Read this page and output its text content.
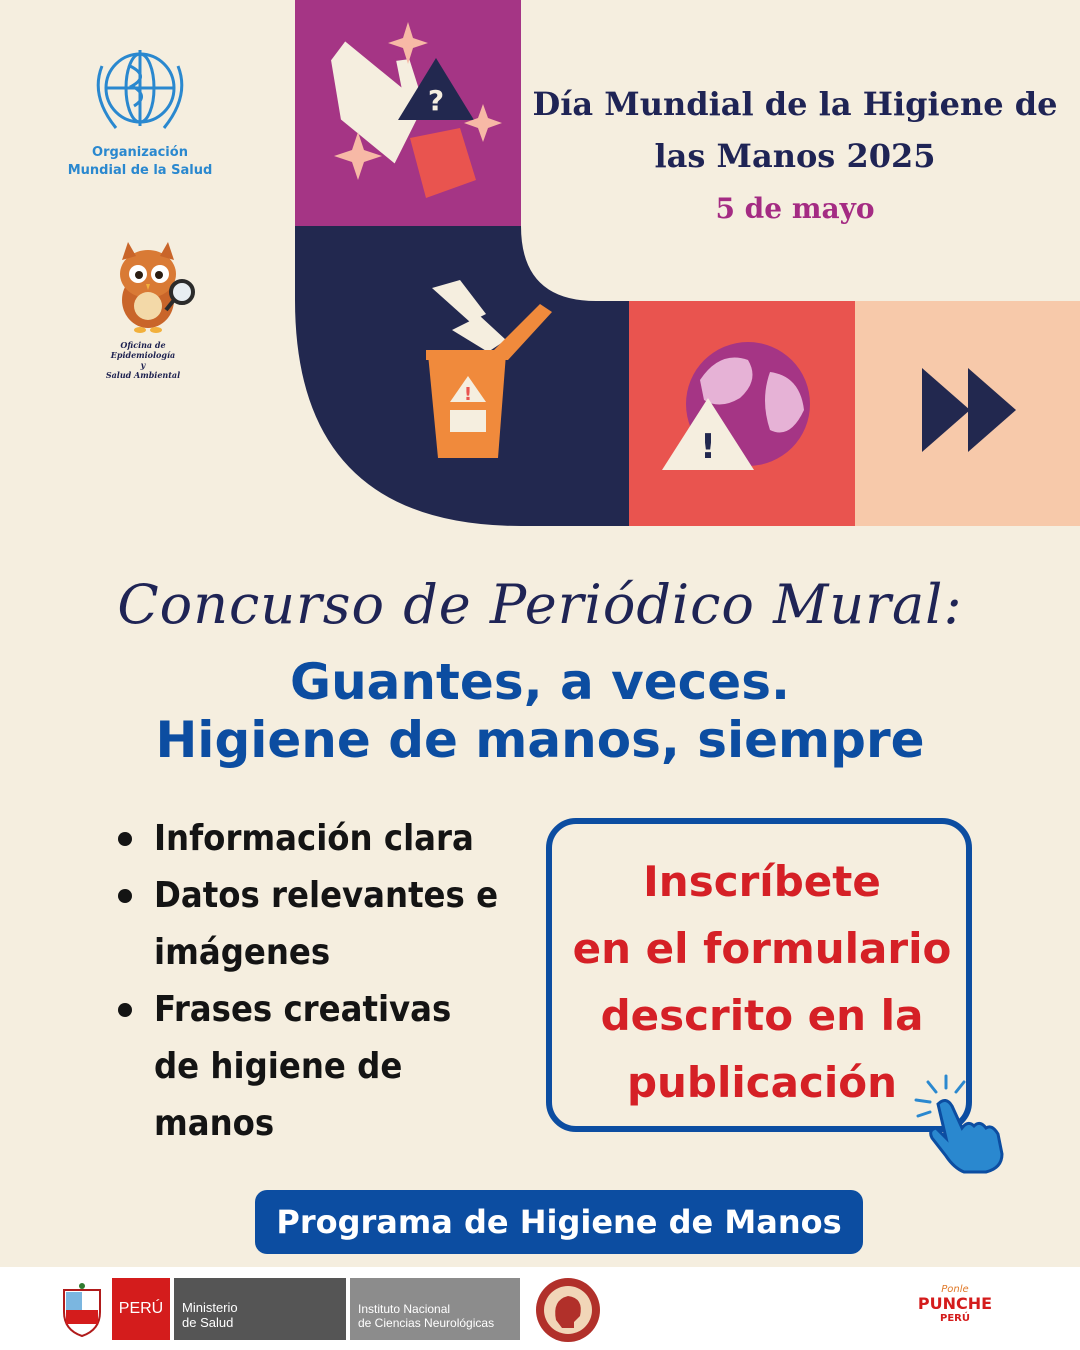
Organización
Mundial de la Salud
Oficina de Epidemiología
y
Salud Ambiental
?
!
!
Día Mundial de la Higiene de
las Manos 2025
5 de mayo
Concurso de Periódico Mural:
Guantes, a veces.
Higiene de manos, siempre
Información clara
Datos relevantes e
imágenes
Frases creativas
de higiene de
manos
Inscríbete
en el formulario
descrito en la
publicación
Programa de Higiene de Manos
PERÚ	Ministerio
de Salud
Instituto Nacional
de Ciencias Neurológicas
Ponle
PUNCHE
PERÚ
